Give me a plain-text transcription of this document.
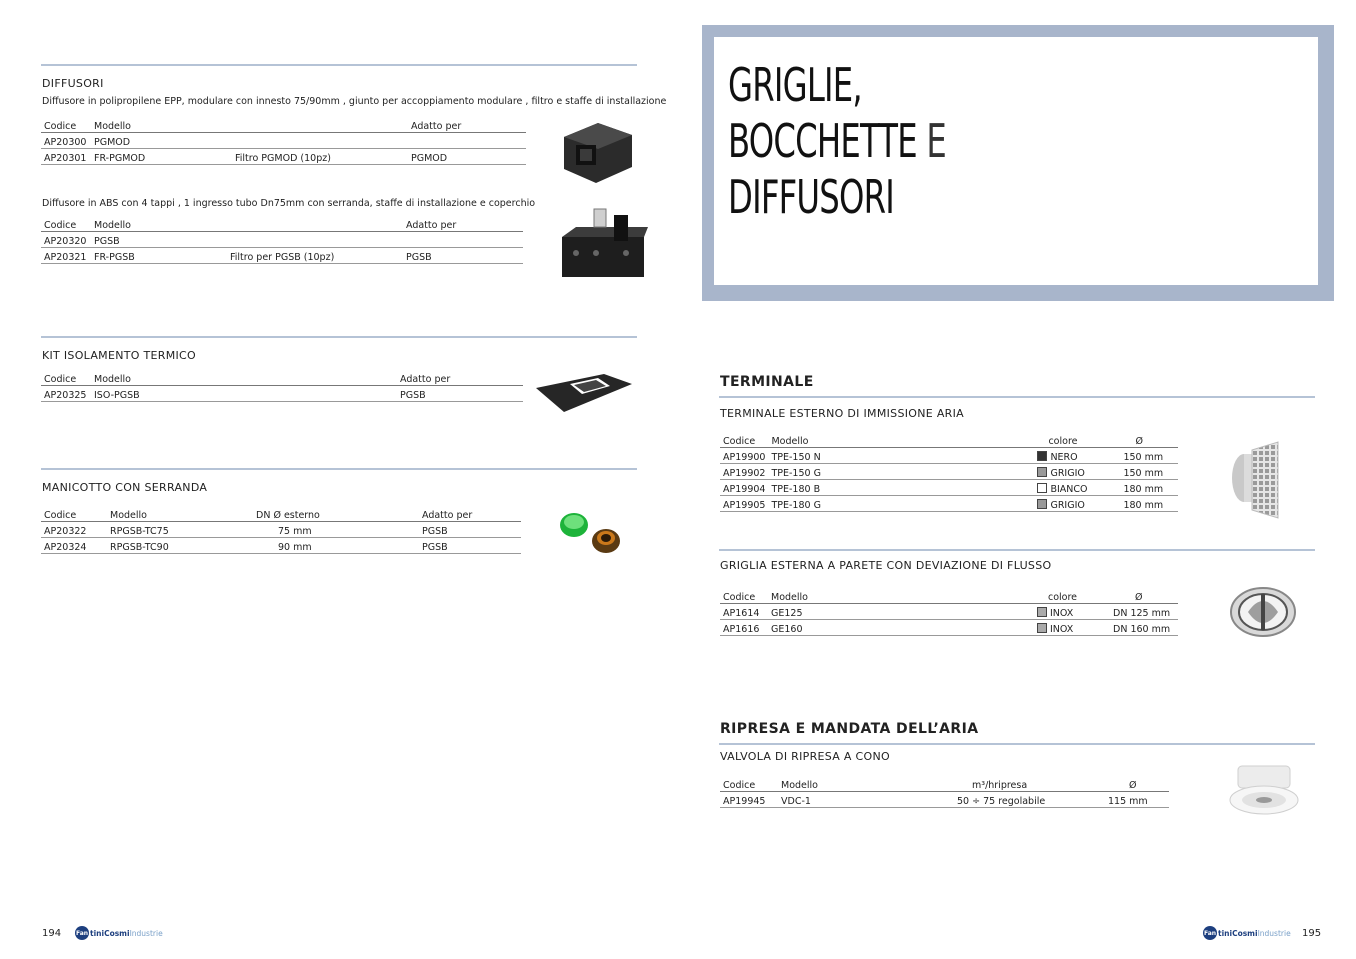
DIFFUSORI
Diffusore in polipropilene EPP, modulare con innesto 75/90mm , giunto per accoppiamento modulare , filtro e staffe di installazione
Codice	Modello		Adatto per
AP20300	PGMOD		
AP20301	FR-PGMOD	Filtro PGMOD (10pz)	PGMOD
Diffusore in ABS con 4 tappi , 1 ingresso tubo Dn75mm con serranda, staffe di installazione e coperchio
Codice	Modello		Adatto per
AP20320	PGSB		
AP20321	FR-PGSB	Filtro per PGSB (10pz)	PGSB
KIT ISOLAMENTO TERMICO
Codice	Modello	Adatto per
AP20325	ISO-PGSB	PGSB
MANICOTTO CON SERRANDA
Codice	Modello	DN Ø esterno	Adatto per
AP20322	RPGSB-TC75	75 mm	PGSB
AP20324	RPGSB-TC90	90 mm	PGSB
194 Fan tiniCosmiIndustrie
GRIGLIE,
BOCCHETTE E
DIFFUSORI
TERMINALE
TERMINALE ESTERNO DI IMMISSIONE ARIA
Codice	Modello	colore	Ø
AP19900	TPE-150 N	NERO	150 mm
AP19902	TPE-150 G	GRIGIO	150 mm
AP19904	TPE-180 B	BIANCO	180 mm
AP19905	TPE-180 G	GRIGIO	180 mm
GRIGLIA ESTERNA A PARETE CON DEVIAZIONE DI FLUSSO
Codice	Modello	colore	Ø
AP1614	GE125	INOX	DN 125 mm
AP1616	GE160	INOX	DN 160 mm
RIPRESA E MANDATA DELL’ARIA
VALVOLA DI RIPRESA A CONO
Codice	Modello	m³/hripresa	Ø
AP19945	VDC-1	50 ÷ 75 regolabile	115 mm
Fan tiniCosmiIndustrie 195
